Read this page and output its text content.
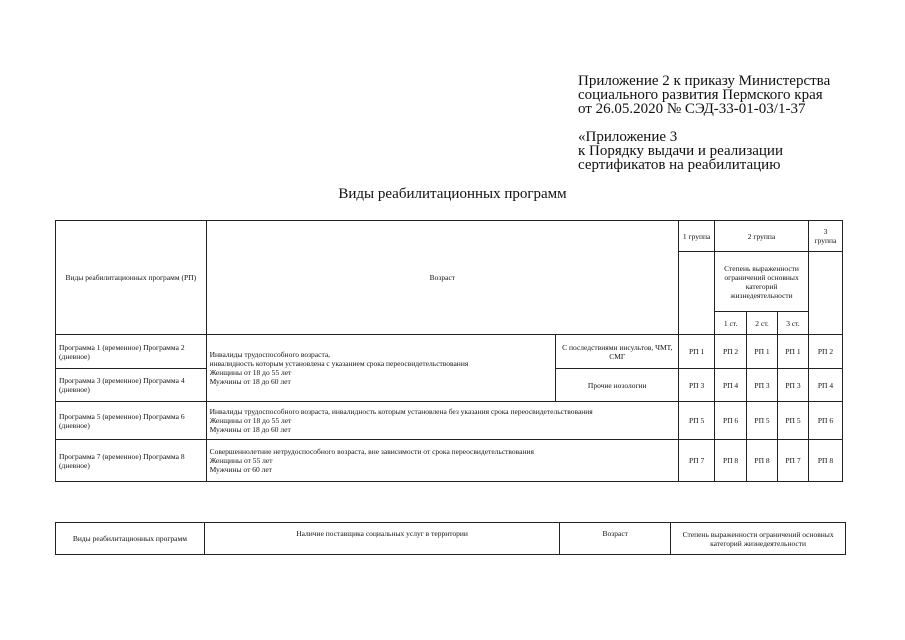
Приложение 2 к приказу Министерства
социального развития Пермского края
от 26.05.2020 № СЭД-33-01-03/1-37
«Приложение 3
к Порядку выдачи и реализации
сертификатов на реабилитацию
Виды реабилитационных программ
Виды реабилитационных программ (РП)	Возраст		1 группа	2 группа			3 группа
				Степень выраженности ограничений основных категорий жизнедеятельности			
				1 ст.	2 ст.	3 ст.	
Программа 1 (временное) Программа 2 (дневное)	Инвалиды трудоспособного возраста,
инвалидность которым установлена с указанием срока переосвидетельствования
Женщины от 18 до 55 лет
Мужчины от 18 до 60 лет	С последствиями инсультов, ЧМТ, СМГ	РП 1	РП 2	РП 1	РП 1	РП 2
Программа 3 (временное) Программа 4 (дневное)		Прочие нозологии	РП 3	РП 4	РП 3	РП 3	РП 4
Программа 5 (временное) Программа 6 (дневное)	Инвалиды трудоспособного возраста, инвалидность которым установлена без указания срока переосвидетельствования
Женщины от 18 до 55 лет
Мужчины от 18 до 60 лет		РП 5	РП 6	РП 5	РП 5	РП 6
Программа 7 (временное) Программа 8 (дневное)	Совершеннолетние нетрудоспособного возраста, вне зависимости от срока переосвидетельствования
Женщины от 55 лет
Мужчины от 60 лет		РП 7	РП 8	РП 8	РП 7	РП 8
Виды реабилитационных программ	Наличие поставщика социальных услуг в территории	Возраст	Степень выраженности ограничений основных категорий жизнедеятельности
